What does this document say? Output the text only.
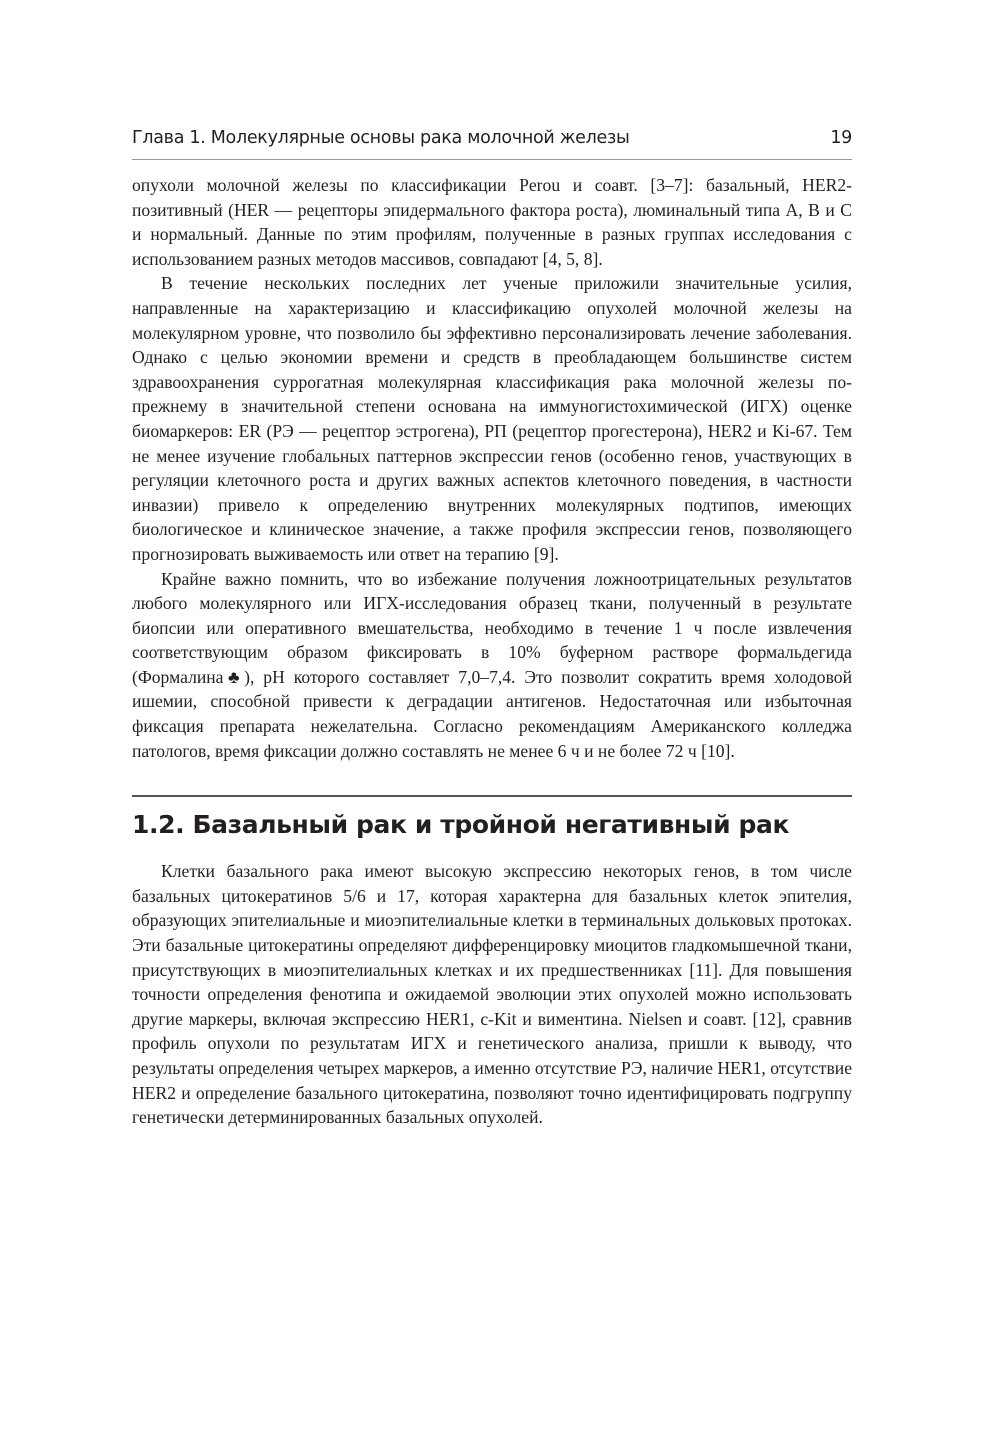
Глава 1. Молекулярные основы рака молочной железы	19

опухоли молочной железы по классификации Perou и соавт. [3–7]: базальный, HER2-позитивный (HER — рецепторы эпидермального фактора роста), люминальный типа А, В и С и нормальный. Данные по этим профилям, полученные в разных группах исследования с использованием разных методов массивов, совпадают [4, 5, 8].

В течение нескольких последних лет ученые приложили значительные усилия, направленные на характеризацию и классификацию опухолей молочной железы на молекулярном уровне, что позволило бы эффективно персонализировать лечение заболевания. Однако с целью экономии времени и средств в преобладающем большинстве систем здравоохранения суррогатная молекулярная классификация рака молочной железы по-прежнему в значительной степени основана на иммуногистохимической (ИГХ) оценке биомаркеров: ER (РЭ — рецептор эстрогена), РП (рецептор прогестерона), HER2 и Ki-67. Тем не менее изучение глобальных паттернов экспрессии генов (особенно генов, участвующих в регуляции клеточного роста и других важных аспектов клеточного поведения, в частности инвазии) привело к определению внутренних молекулярных подтипов, имеющих биологическое и клиническое значение, а также профиля экспрессии генов, позволяющего прогнозировать выживаемость или ответ на терапию [9].

Крайне важно помнить, что во избежание получения ложноотрицательных результатов любого молекулярного или ИГХ-исследования образец ткани, полученный в результате биопсии или оперативного вмешательства, необходимо в течение 1 ч после извлечения соответствующим образом фиксировать в 10% буферном растворе формальдегида (Формалина♣), pH которого составляет 7,0–7,4. Это позволит сократить время холодовой ишемии, способной привести к деградации антигенов. Недостаточная или избыточная фиксация препарата нежелательна. Согласно рекомендациям Американского колледжа патологов, время фиксации должно составлять не менее 6 ч и не более 72 ч [10].

1.2. Базальный рак и тройной негативный рак

Клетки базального рака имеют высокую экспрессию некоторых генов, в том числе базальных цитокератинов 5/6 и 17, которая характерна для базальных клеток эпителия, образующих эпителиальные и миоэпителиальные клетки в терминальных дольковых протоках. Эти базальные цитокератины определяют дифференцировку миоцитов гладкомышечной ткани, присутствующих в миоэпителиальных клетках и их предшественниках [11]. Для повышения точности определения фенотипа и ожидаемой эволюции этих опухолей можно использовать другие маркеры, включая экспрессию HER1, c-Kit и виментина. Nielsen и соавт. [12], сравнив профиль опухоли по результатам ИГХ и генетического анализа, пришли к выводу, что результаты определения четырех маркеров, а именно отсутствие РЭ, наличие HER1, отсутствие HER2 и определение базального цитокератина, позволяют точно идентифицировать подгруппу генетически детерминированных базальных опухолей.
